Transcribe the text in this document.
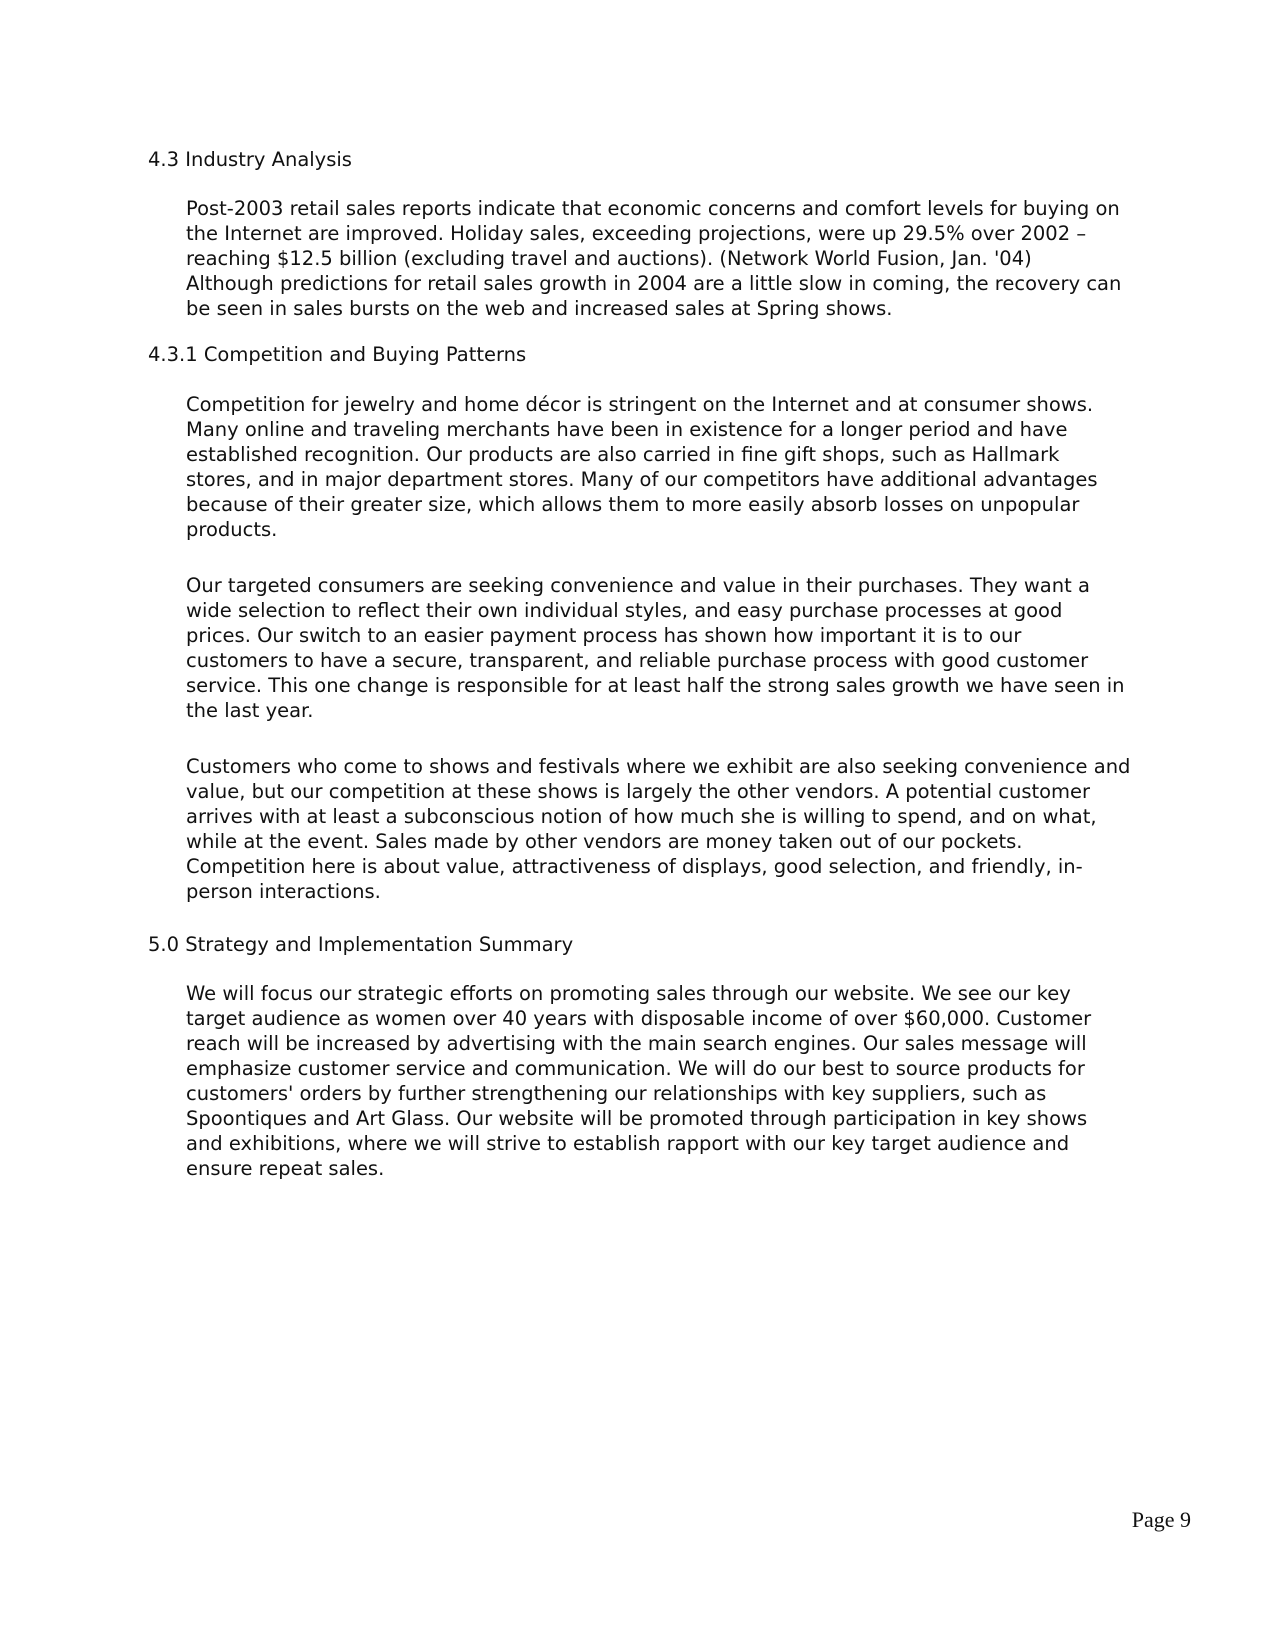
4.3 Industry Analysis
Post-2003 retail sales reports indicate that economic concerns and comfort levels for buying on
the Internet are improved. Holiday sales, exceeding projections, were up 29.5% over 2002 –
reaching $12.5 billion (excluding travel and auctions). (Network World Fusion, Jan. '04)
Although predictions for retail sales growth in 2004 are a little slow in coming, the recovery can
be seen in sales bursts on the web and increased sales at Spring shows.
4.3.1 Competition and Buying Patterns
Competition for jewelry and home décor is stringent on the Internet and at consumer shows.
Many online and traveling merchants have been in existence for a longer period and have
established recognition. Our products are also carried in fine gift shops, such as Hallmark
stores, and in major department stores. Many of our competitors have additional advantages
because of their greater size, which allows them to more easily absorb losses on unpopular
products.
Our targeted consumers are seeking convenience and value in their purchases. They want a
wide selection to reflect their own individual styles, and easy purchase processes at good
prices. Our switch to an easier payment process has shown how important it is to our
customers to have a secure, transparent, and reliable purchase process with good customer
service. This one change is responsible for at least half the strong sales growth we have seen in
the last year.
Customers who come to shows and festivals where we exhibit are also seeking convenience and
value, but our competition at these shows is largely the other vendors. A potential customer
arrives with at least a subconscious notion of how much she is willing to spend, and on what,
while at the event. Sales made by other vendors are money taken out of our pockets.
Competition here is about value, attractiveness of displays, good selection, and friendly, in-
person interactions.
5.0 Strategy and Implementation Summary
We will focus our strategic efforts on promoting sales through our website. We see our key
target audience as women over 40 years with disposable income of over $60,000. Customer
reach will be increased by advertising with the main search engines. Our sales message will
emphasize customer service and communication. We will do our best to source products for
customers' orders by further strengthening our relationships with key suppliers, such as
Spoontiques and Art Glass. Our website will be promoted through participation in key shows
and exhibitions, where we will strive to establish rapport with our key target audience and
ensure repeat sales.
Page 9
